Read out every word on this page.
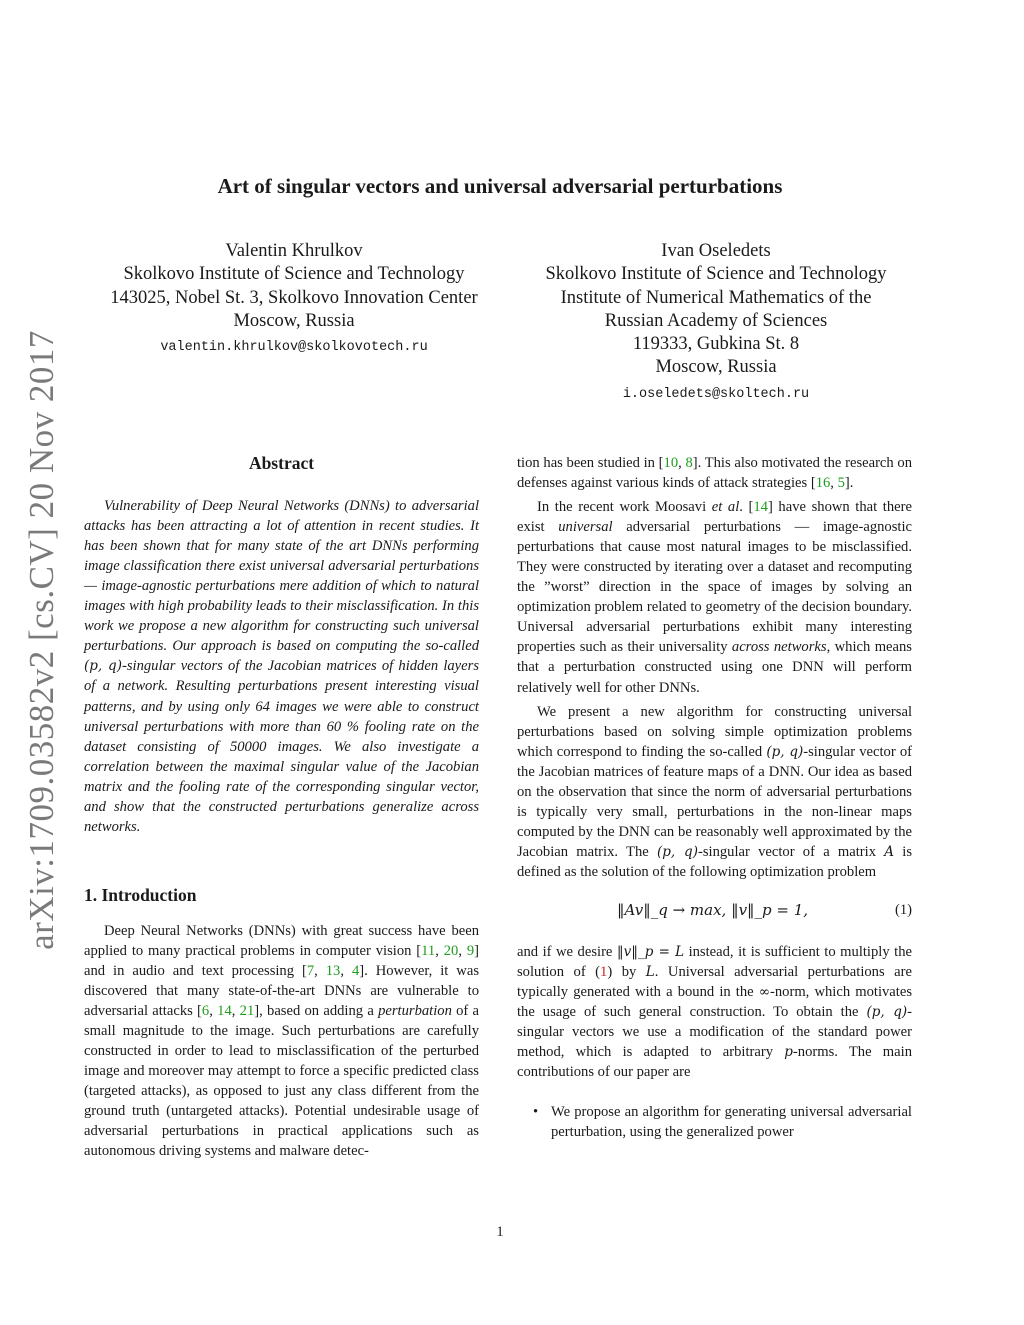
arXiv:1709.03582v2 [cs.CV] 20 Nov 2017
Art of singular vectors and universal adversarial perturbations
Valentin Khrulkov
Skolkovo Institute of Science and Technology
143025, Nobel St. 3, Skolkovo Innovation Center
Moscow, Russia
valentin.khrulkov@skolkovotech.ru
Ivan Oseledets
Skolkovo Institute of Science and Technology
Institute of Numerical Mathematics of the
Russian Academy of Sciences
119333, Gubkina St. 8
Moscow, Russia
i.oseledets@skoltech.ru
Abstract

Vulnerability of Deep Neural Networks (DNNs) to adversarial attacks has been attracting a lot of attention in recent studies. It has been shown that for many state of the art DNNs performing image classification there exist universal adversarial perturbations — image-agnostic perturbations mere addition of which to natural images with high probability leads to their misclassification. In this work we propose a new algorithm for constructing such universal perturbations. Our approach is based on computing the so-called (p, q)-singular vectors of the Jacobian matrices of hidden layers of a network. Resulting perturbations present interesting visual patterns, and by using only 64 images we were able to construct universal perturbations with more than 60 % fooling rate on the dataset consisting of 50000 images. We also investigate a correlation between the maximal singular value of the Jacobian matrix and the fooling rate of the corresponding singular vector, and show that the constructed perturbations generalize across networks.

1. Introduction

Deep Neural Networks (DNNs) with great success have been applied to many practical problems in computer vision [11, 20, 9] and in audio and text processing [7, 13, 4]. However, it was discovered that many state-of-the-art DNNs are vulnerable to adversarial attacks [6, 14, 21], based on adding a perturbation of a small magnitude to the image. Such perturbations are carefully constructed in order to lead to misclassification of the perturbed image and moreover may attempt to force a specific predicted class (targeted attacks), as opposed to just any class different from the ground truth (untargeted attacks). Potential undesirable usage of adversarial perturbations in practical applications such as autonomous driving systems and malware detec-

tion has been studied in [10, 8]. This also motivated the research on defenses against various kinds of attack strategies [16, 5].

In the recent work Moosavi et al. [14] have shown that there exist universal adversarial perturbations — image-agnostic perturbations that cause most natural images to be misclassified. They were constructed by iterating over a dataset and recomputing the ”worst” direction in the space of images by solving an optimization problem related to geometry of the decision boundary. Universal adversarial perturbations exhibit many interesting properties such as their universality across networks, which means that a perturbation constructed using one DNN will perform relatively well for other DNNs.

We present a new algorithm for constructing universal perturbations based on solving simple optimization problems which correspond to finding the so-called (p, q)-singular vector of the Jacobian matrices of feature maps of a DNN. Our idea as based on the observation that since the norm of adversarial perturbations is typically very small, perturbations in the non-linear maps computed by the DNN can be reasonably well approximated by the Jacobian matrix. The (p, q)-singular vector of a matrix A is defined as the solution of the following optimization problem

‖Av‖_q → max, ‖v‖_p = 1,	(1)

and if we desire ‖v‖_p = L instead, it is sufficient to multiply the solution of (1) by L. Universal adversarial perturbations are typically generated with a bound in the ∞-norm, which motivates the usage of such general construction. To obtain the (p, q)-singular vectors we use a modification of the standard power method, which is adapted to arbitrary p-norms. The main contributions of our paper are

• We propose an algorithm for generating universal adversarial perturbation, using the generalized power
1
